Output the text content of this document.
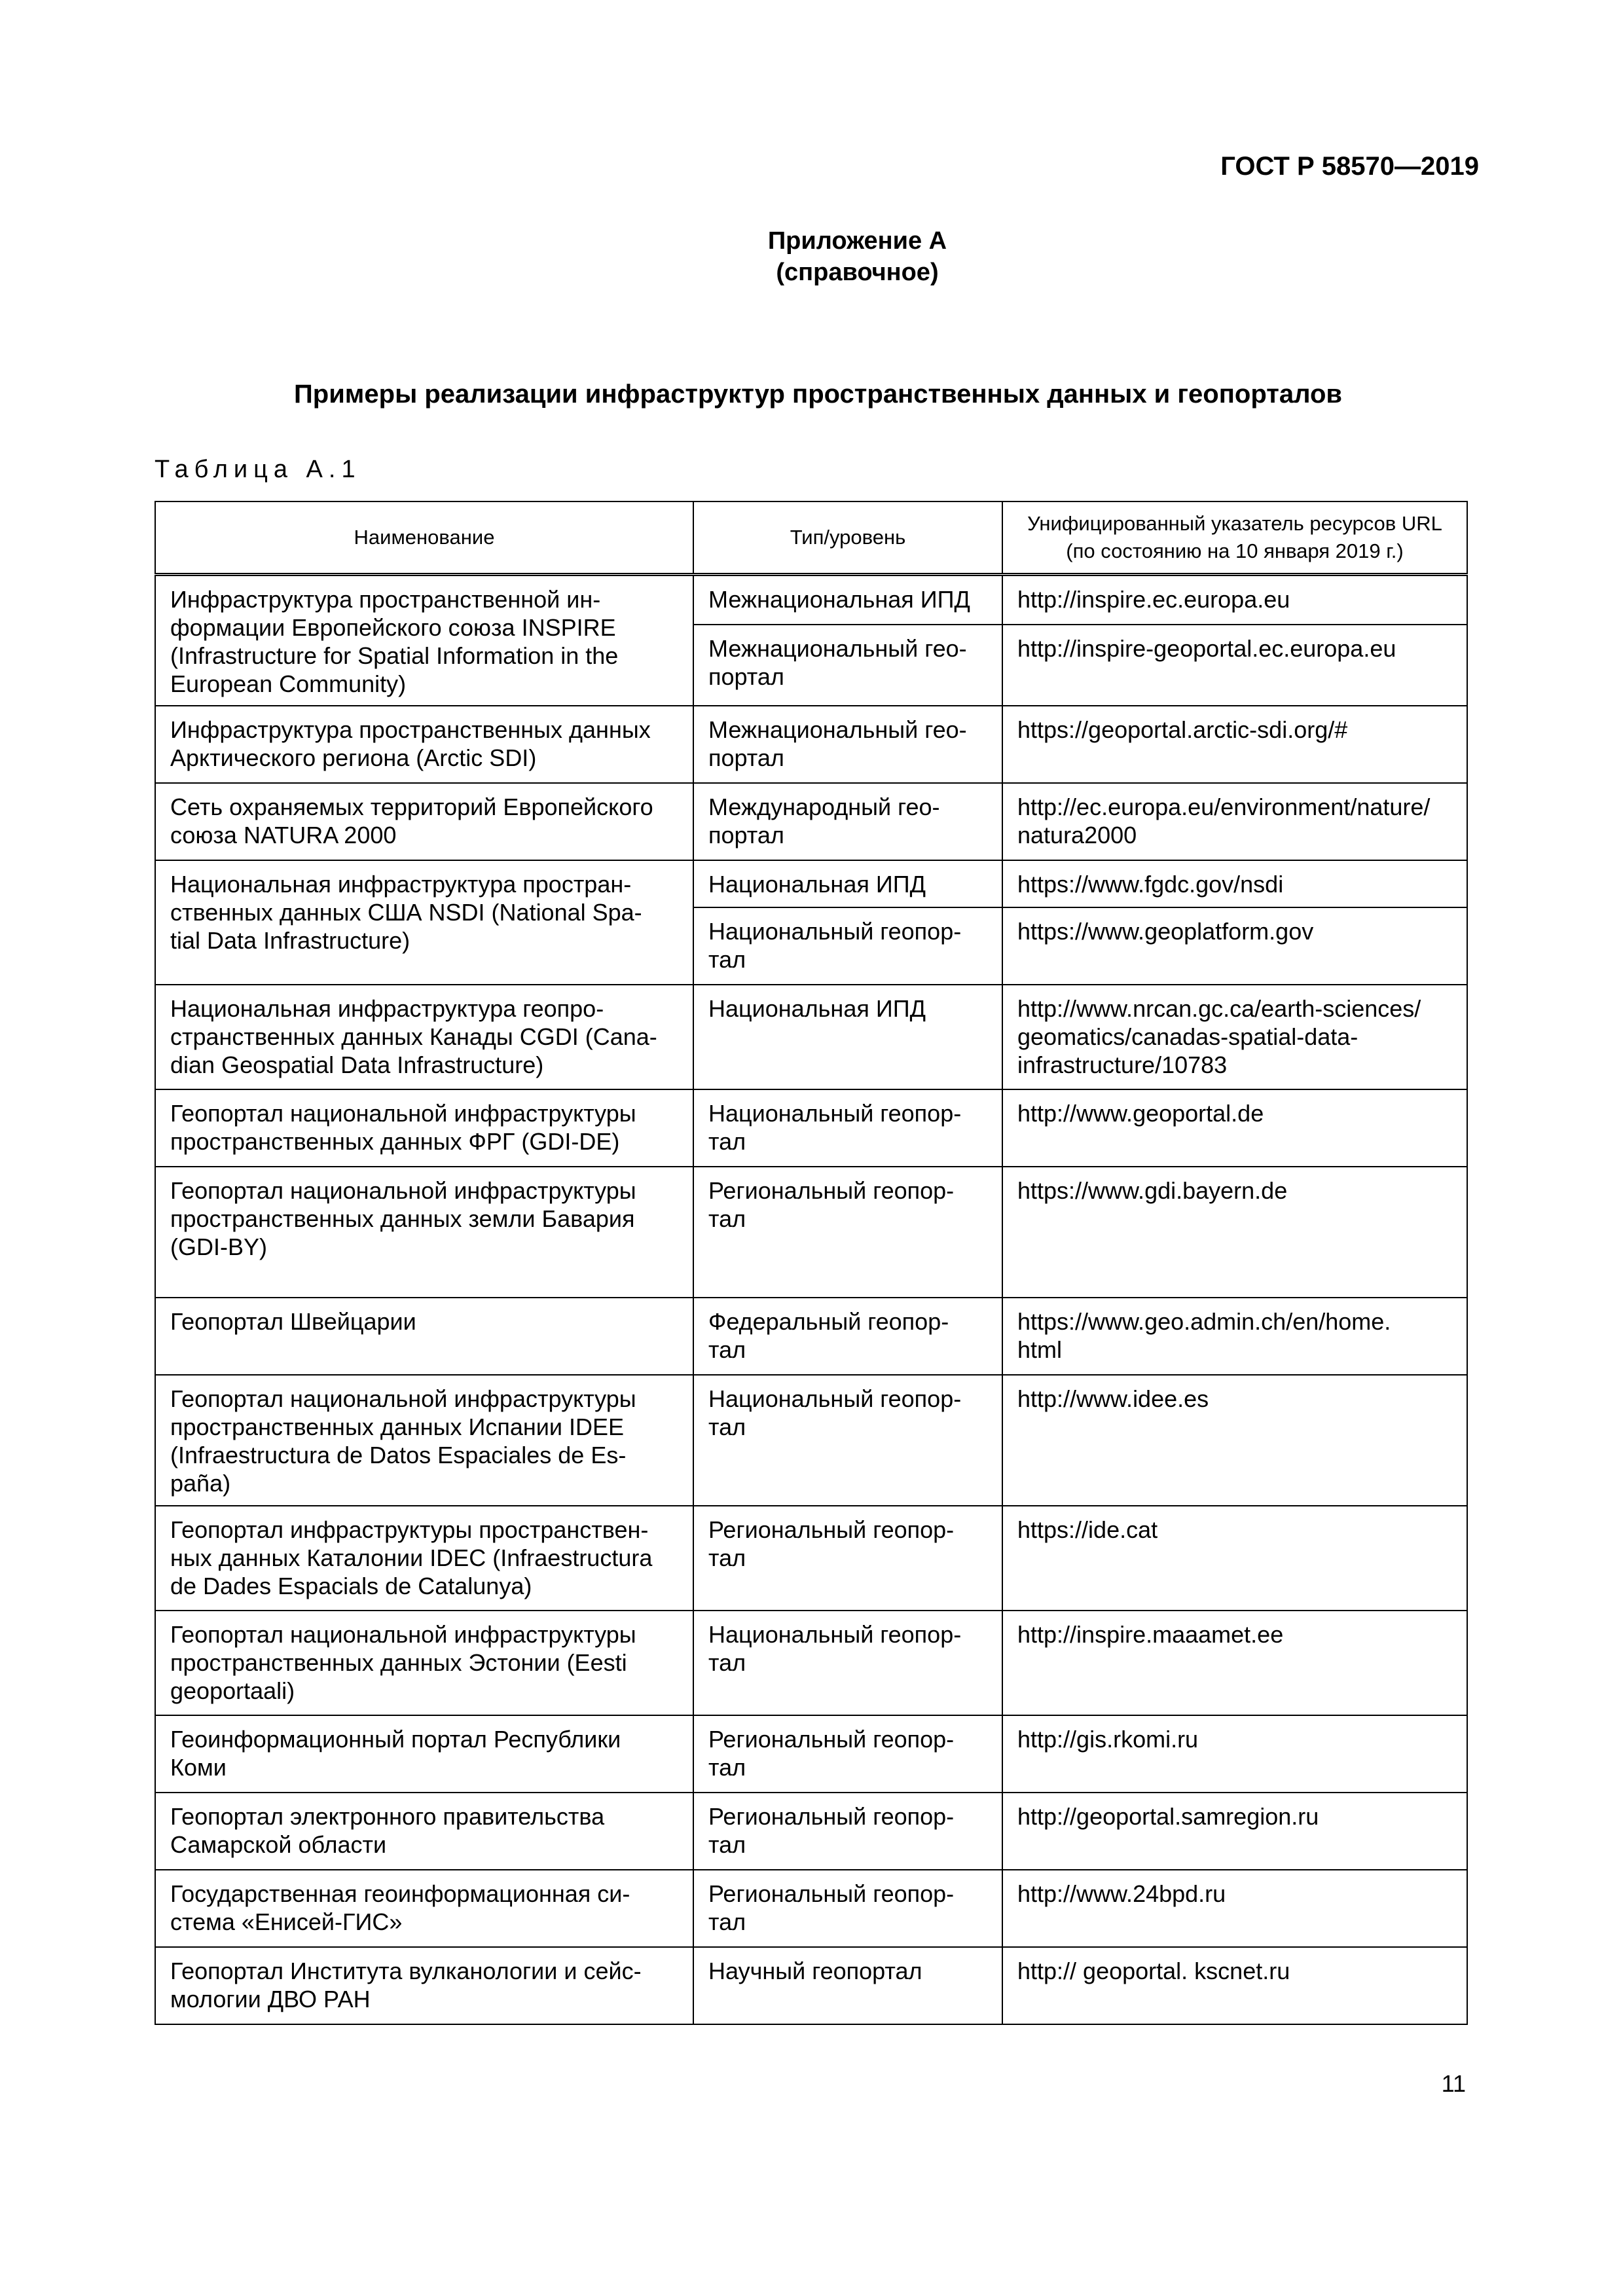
ГОСТ Р 58570—2019
Приложение А
(справочное)
Примеры реализации инфраструктур пространственных данных и геопорталов
Таблица А.1
Наименование	Тип/уровень	Унифицированный указатель ресурсов URL (по состоянию на 10 января 2019 г.)

Инфраструктура пространственной ин-
формации Европейского союза INSPIRE
(Infrastructure for Spatial Information in the
European Community)	Межнациональная ИПД	http://inspire.ec.europa.eu

	Межнациональный гео-
портал	http://inspire-geoportal.ec.europa.eu

Инфраструктура пространственных данных
Арктического региона (Arctic SDI)	Межнациональный гео-
портал	https://geoportal.arctic-sdi.org/#

Сеть охраняемых территорий Европейского
союза NATURA 2000	Международный гео-
портал	http://ec.europa.eu/environment/nature/
natura2000

Национальная инфраструктура простран-
ственных данных США NSDI (National Spa-
tial Data Infrastructure)	Национальная ИПД	https://www.fgdc.gov/nsdi

	Национальный геопор-
тал	https://www.geoplatform.gov

Национальная инфраструктура геопро-
странственных данных Канады CGDI (Cana-
dian Geospatial Data Infrastructure)	Национальная ИПД	http://www.nrcan.gc.ca/earth-sciences/
geomatics/canadas-spatial-data-
infrastructure/10783

Геопортал национальной инфраструктуры
пространственных данных ФРГ (GDI-DE)	Национальный геопор-
тал	http://www.geoportal.de

Геопортал национальной инфраструктуры
пространственных данных земли Бавария
(GDI-BY)	Региональный геопор-
тал	https://www.gdi.bayern.de

Геопортал Швейцарии	Федеральный геопор-
тал	https://www.geo.admin.ch/en/home.
html

Геопортал национальной инфраструктуры
пространственных данных Испании IDEE
(Infraestructura de Datos Espaciales de Es-
paña)	Национальный геопор-
тал	http://www.idee.es

Геопортал инфраструктуры пространствен-
ных данных Каталонии IDEC (Infraestructura
de Dades Espacials de Catalunya)	Региональный геопор-
тал	https://ide.cat

Геопортал национальной инфраструктуры
пространственных данных Эстонии (Eesti
geoportaali)	Национальный геопор-
тал	http://inspire.maaamet.ee

Геоинформационный портал Республики
Коми	Региональный геопор-
тал	http://gis.rkomi.ru

Геопортал электронного правительства
Самарской области	Региональный геопор-
тал	http://geoportal.samregion.ru

Государственная геоинформационная си-
стема «Енисей-ГИС»	Региональный геопор-
тал	http://www.24bpd.ru

Геопортал Института вулканологии и сейс-
мологии ДВО РАН	Научный геопортал	http:// geoportal. kscnet.ru
11
